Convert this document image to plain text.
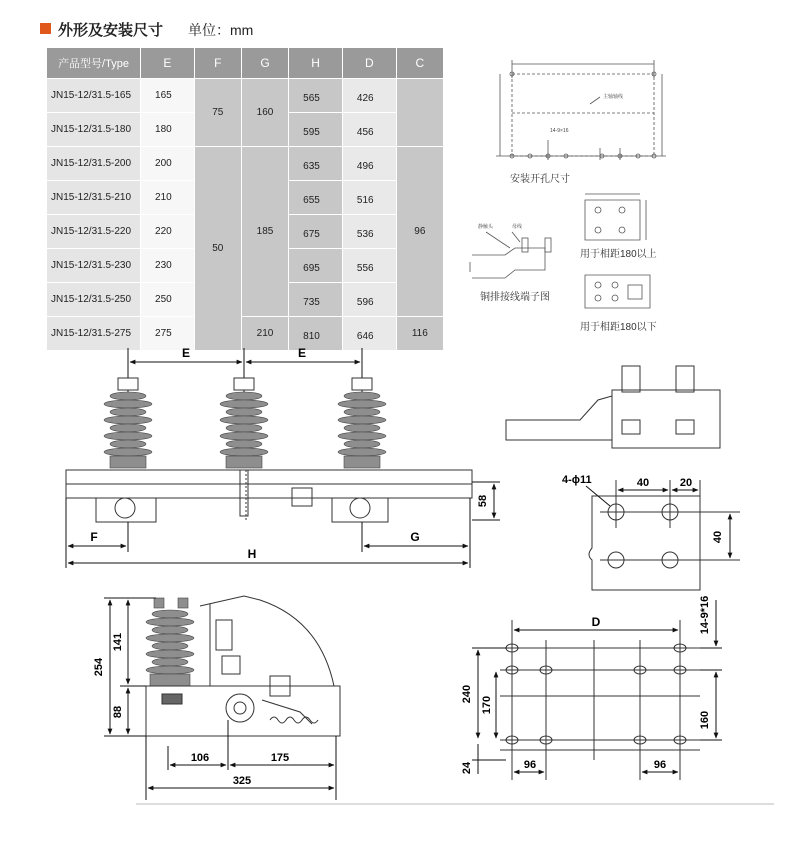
外形及安装尺寸 单位：mm
产品型号/Type	E	F	G	H	D	C
JN15-12/31.5-165	165	75	160	565	426	
JN15-12/31.5-180	180			595	456	
JN15-12/31.5-200	200	50	185	635	496	96
JN15-12/31.5-210	210			655	516	
JN15-12/31.5-220	220			675	536	
JN15-12/31.5-230	230			695	556	
JN15-12/31.5-250	250			735	596	
JN15-12/31.5-275	275		210	810	646	116
主轴轴线
14-9×16
安装开孔尺寸
静触头	母线
铜排接线端子图
用于相距180以上
用于相距180以下
E	E
58
F	G
H
4-ϕ11	40	20
40
254
141
88
106	175
325
D	14-9*16
240
170
160
24	96	96
